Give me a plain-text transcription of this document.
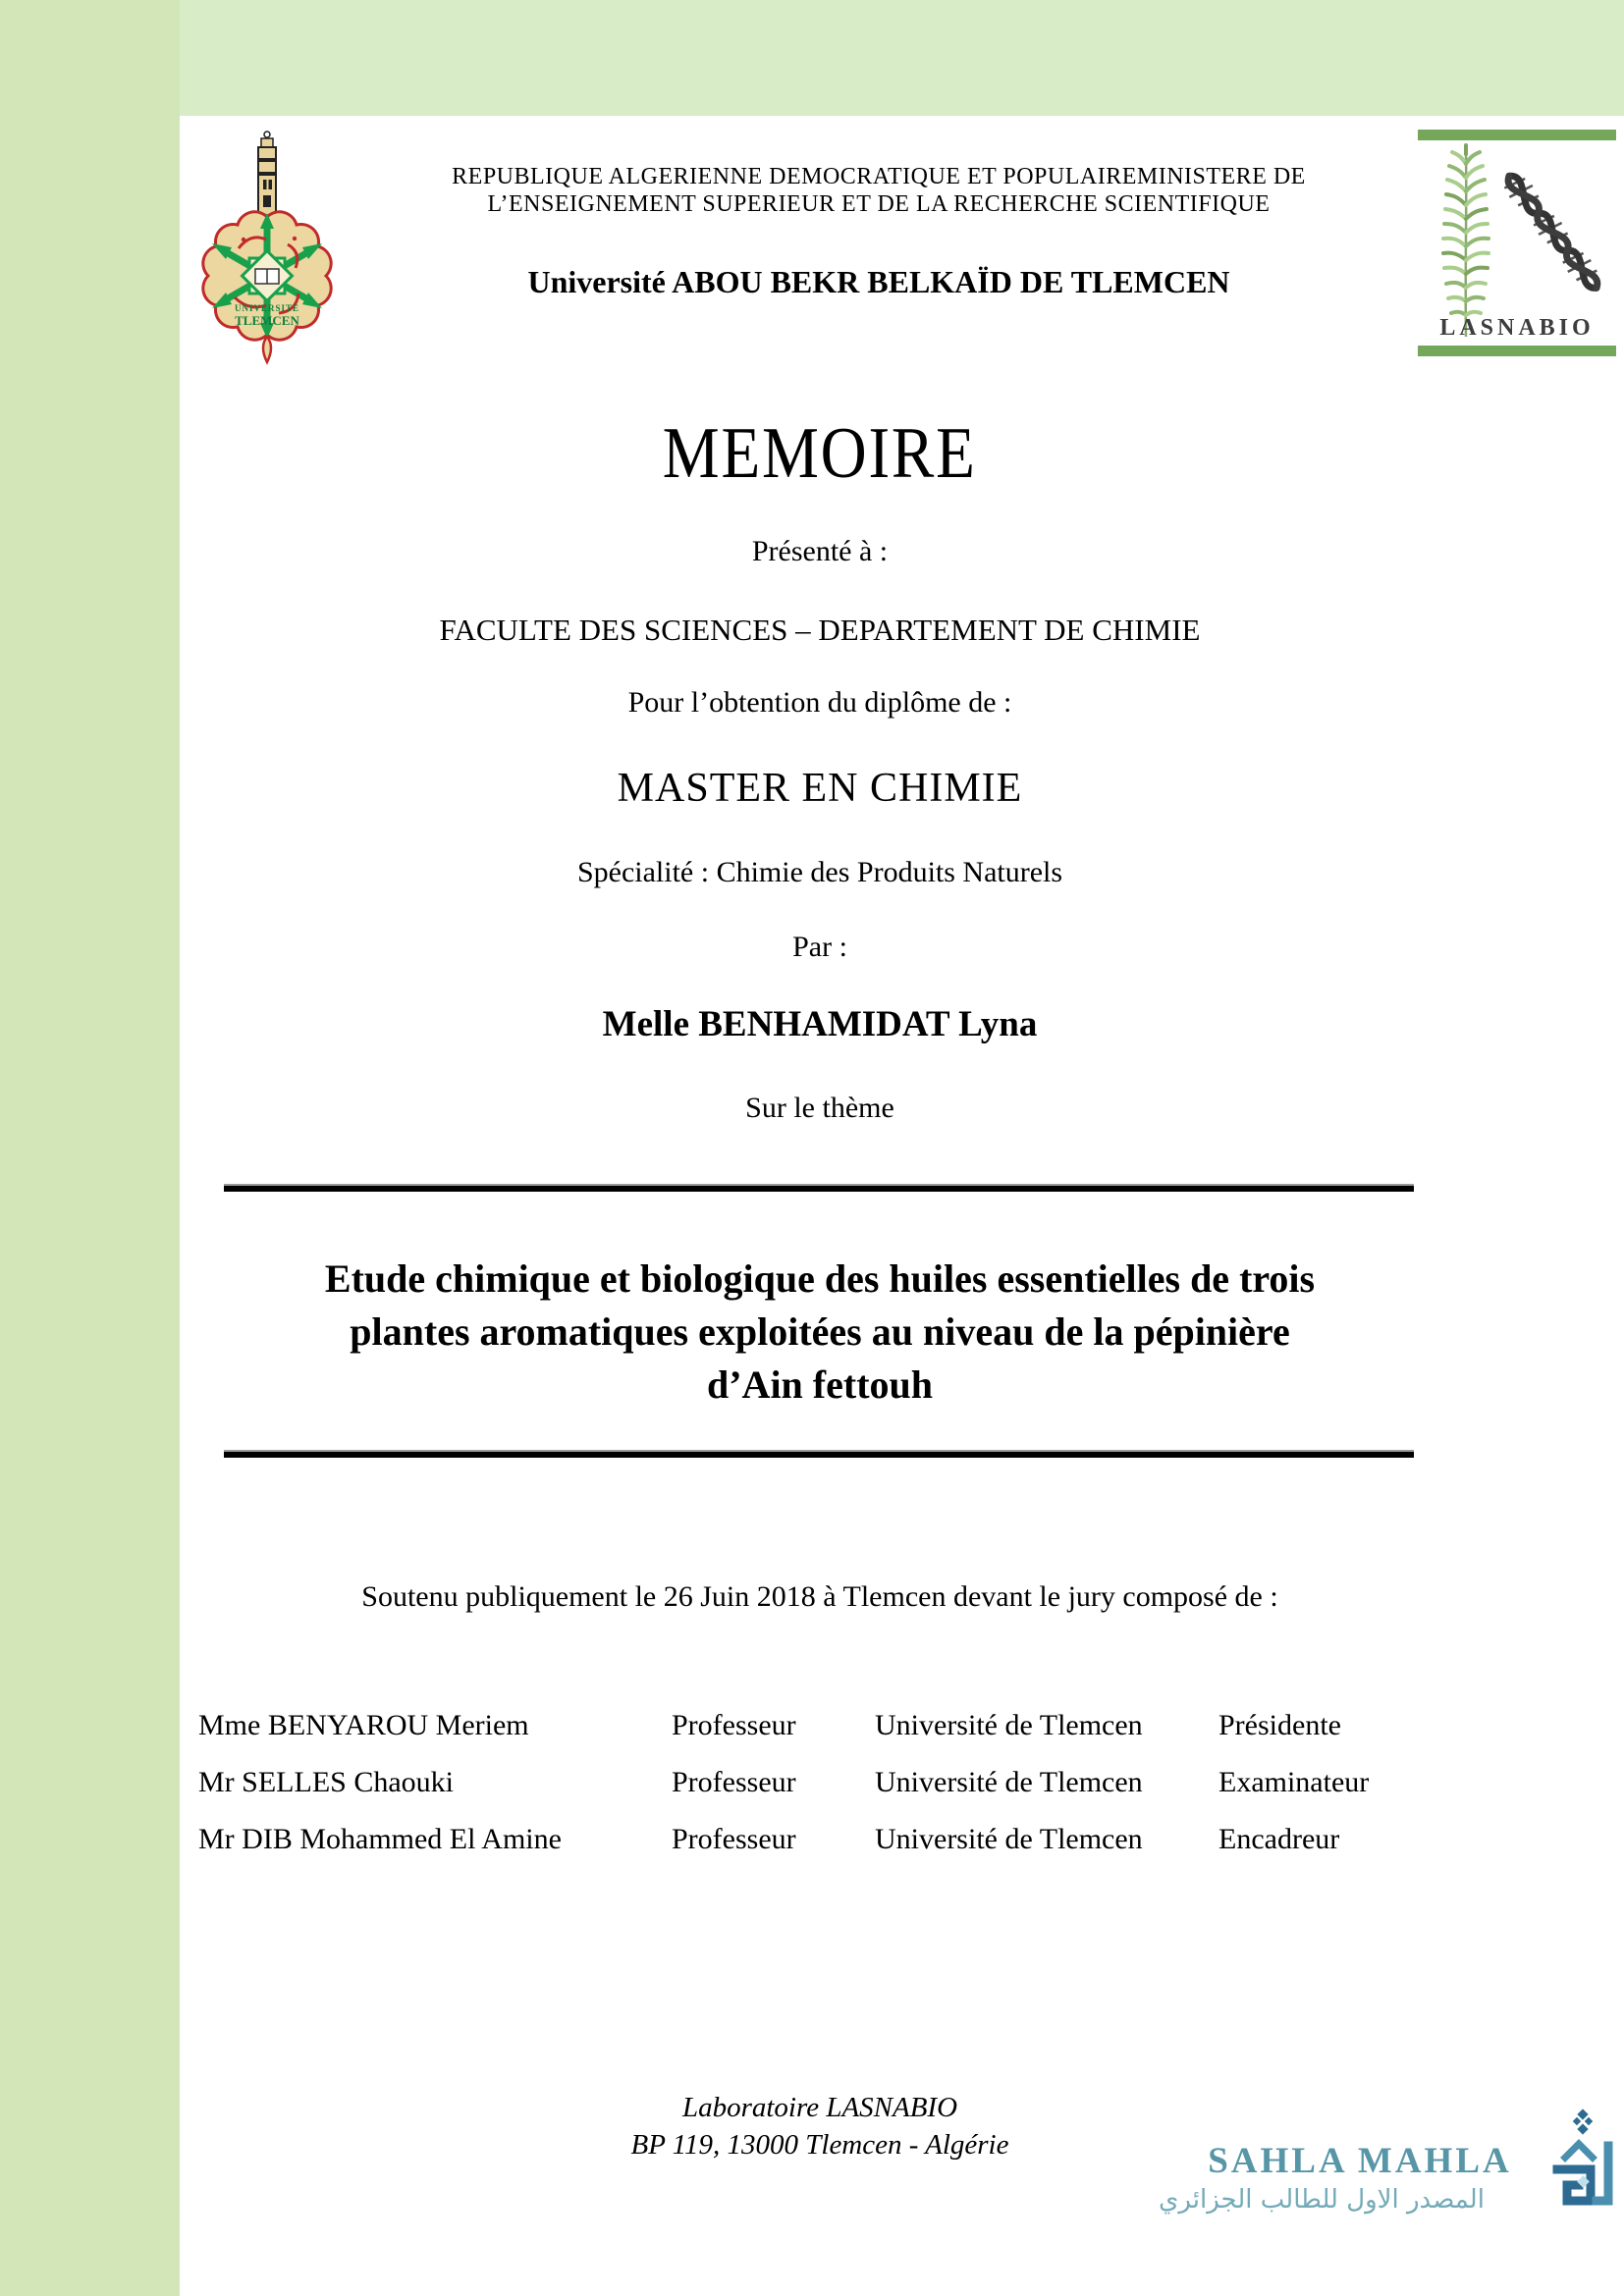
UNIVERSITE
TLEMCEN
REPUBLIQUE ALGERIENNE DEMOCRATIQUE ET POPULAIREMINISTERE DE
L’ENSEIGNEMENT SUPERIEUR ET DE LA RECHERCHE SCIENTIFIQUE
Université ABOU BEKR BELKAÏD DE TLEMCEN
LASNABIO
MEMOIRE
Présenté à :
FACULTE DES SCIENCES – DEPARTEMENT DE CHIMIE
Pour l’obtention du diplôme de :
MASTER EN CHIMIE
Spécialité : Chimie des Produits Naturels
Par :
Melle BENHAMIDAT Lyna
Sur le thème
Etude chimique et biologique des huiles essentielles de trois
plantes aromatiques exploitées au niveau de la pépinière
d’Ain fettouh
Soutenu publiquement le 26 Juin 2018 à Tlemcen devant le jury composé de :
Laboratoire LASNABIO
BP 119, 13000 Tlemcen - Algérie
Mme BENYAROU Meriem	Professeur	Université de Tlemcen	Présidente
Mr SELLES Chaouki	Professeur	Université de Tlemcen	Examinateur
Mr DIB Mohammed El Amine	Professeur	Université de Tlemcen	Encadreur
SAHLA MAHLA
المصدر الاول للطالب الجزائري
